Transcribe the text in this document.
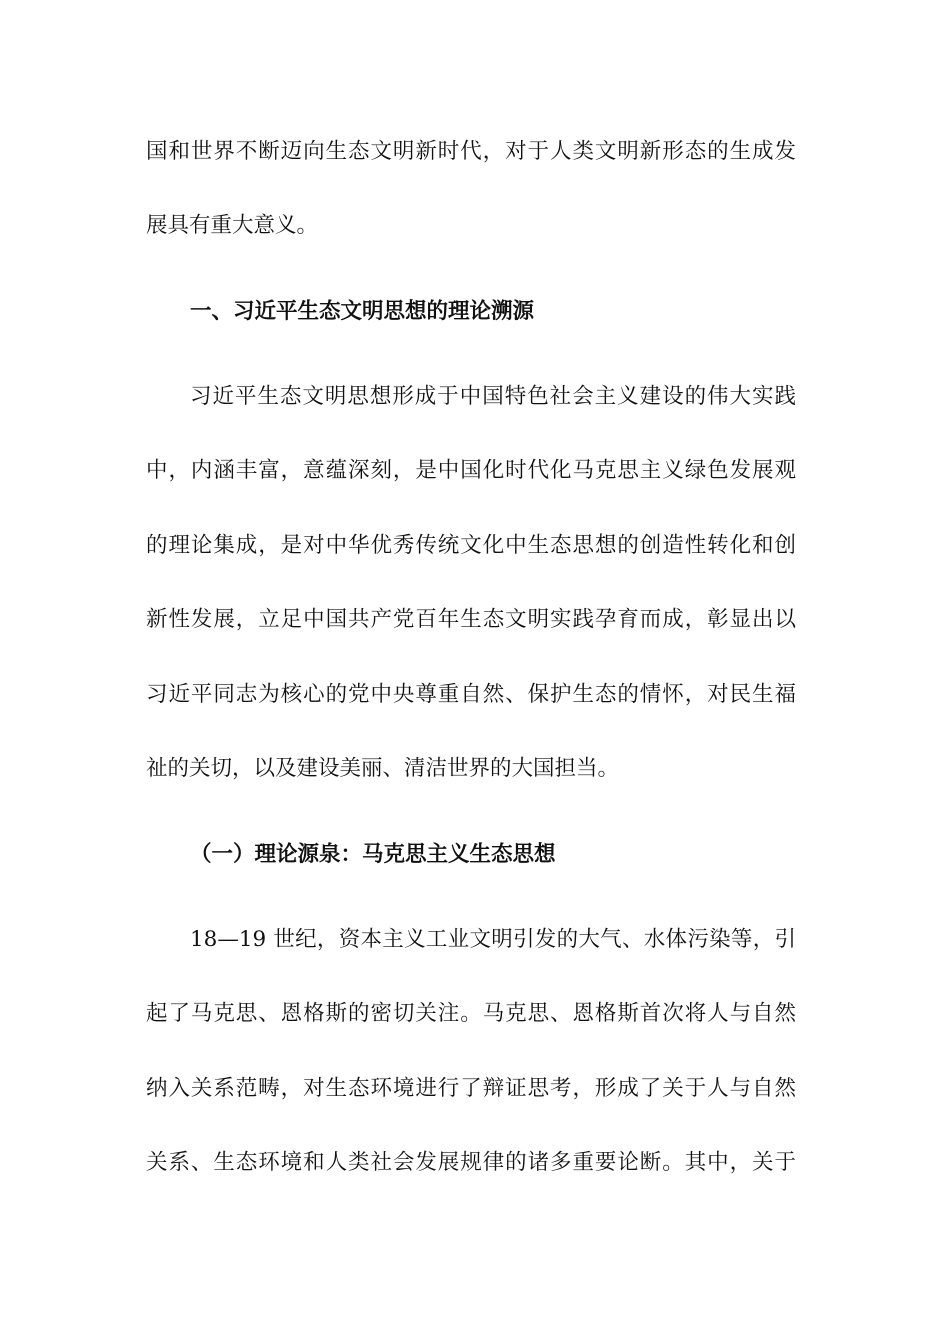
国和世界不断迈向生态文明新时代，对于人类文明新形态的生成发
展具有重大意义。
一、习近平生态文明思想的理论溯源
习近平生态文明思想形成于中国特色社会主义建设的伟大实践
中，内涵丰富，意蕴深刻，是中国化时代化马克思主义绿色发展观
的理论集成，是对中华优秀传统文化中生态思想的创造性转化和创
新性发展，立足中国共产党百年生态文明实践孕育而成，彰显出以
习近平同志为核心的党中央尊重自然、保护生态的情怀，对民生福
祉的关切，以及建设美丽、清洁世界的大国担当。
（一）理论源泉：马克思主义生态思想
18—19 世纪，资本主义工业文明引发的大气、水体污染等，引
起了马克思、恩格斯的密切关注。马克思、恩格斯首次将人与自然
纳入关系范畴，对生态环境进行了辩证思考，形成了关于人与自然
关系、生态环境和人类社会发展规律的诸多重要论断。其中，关于
